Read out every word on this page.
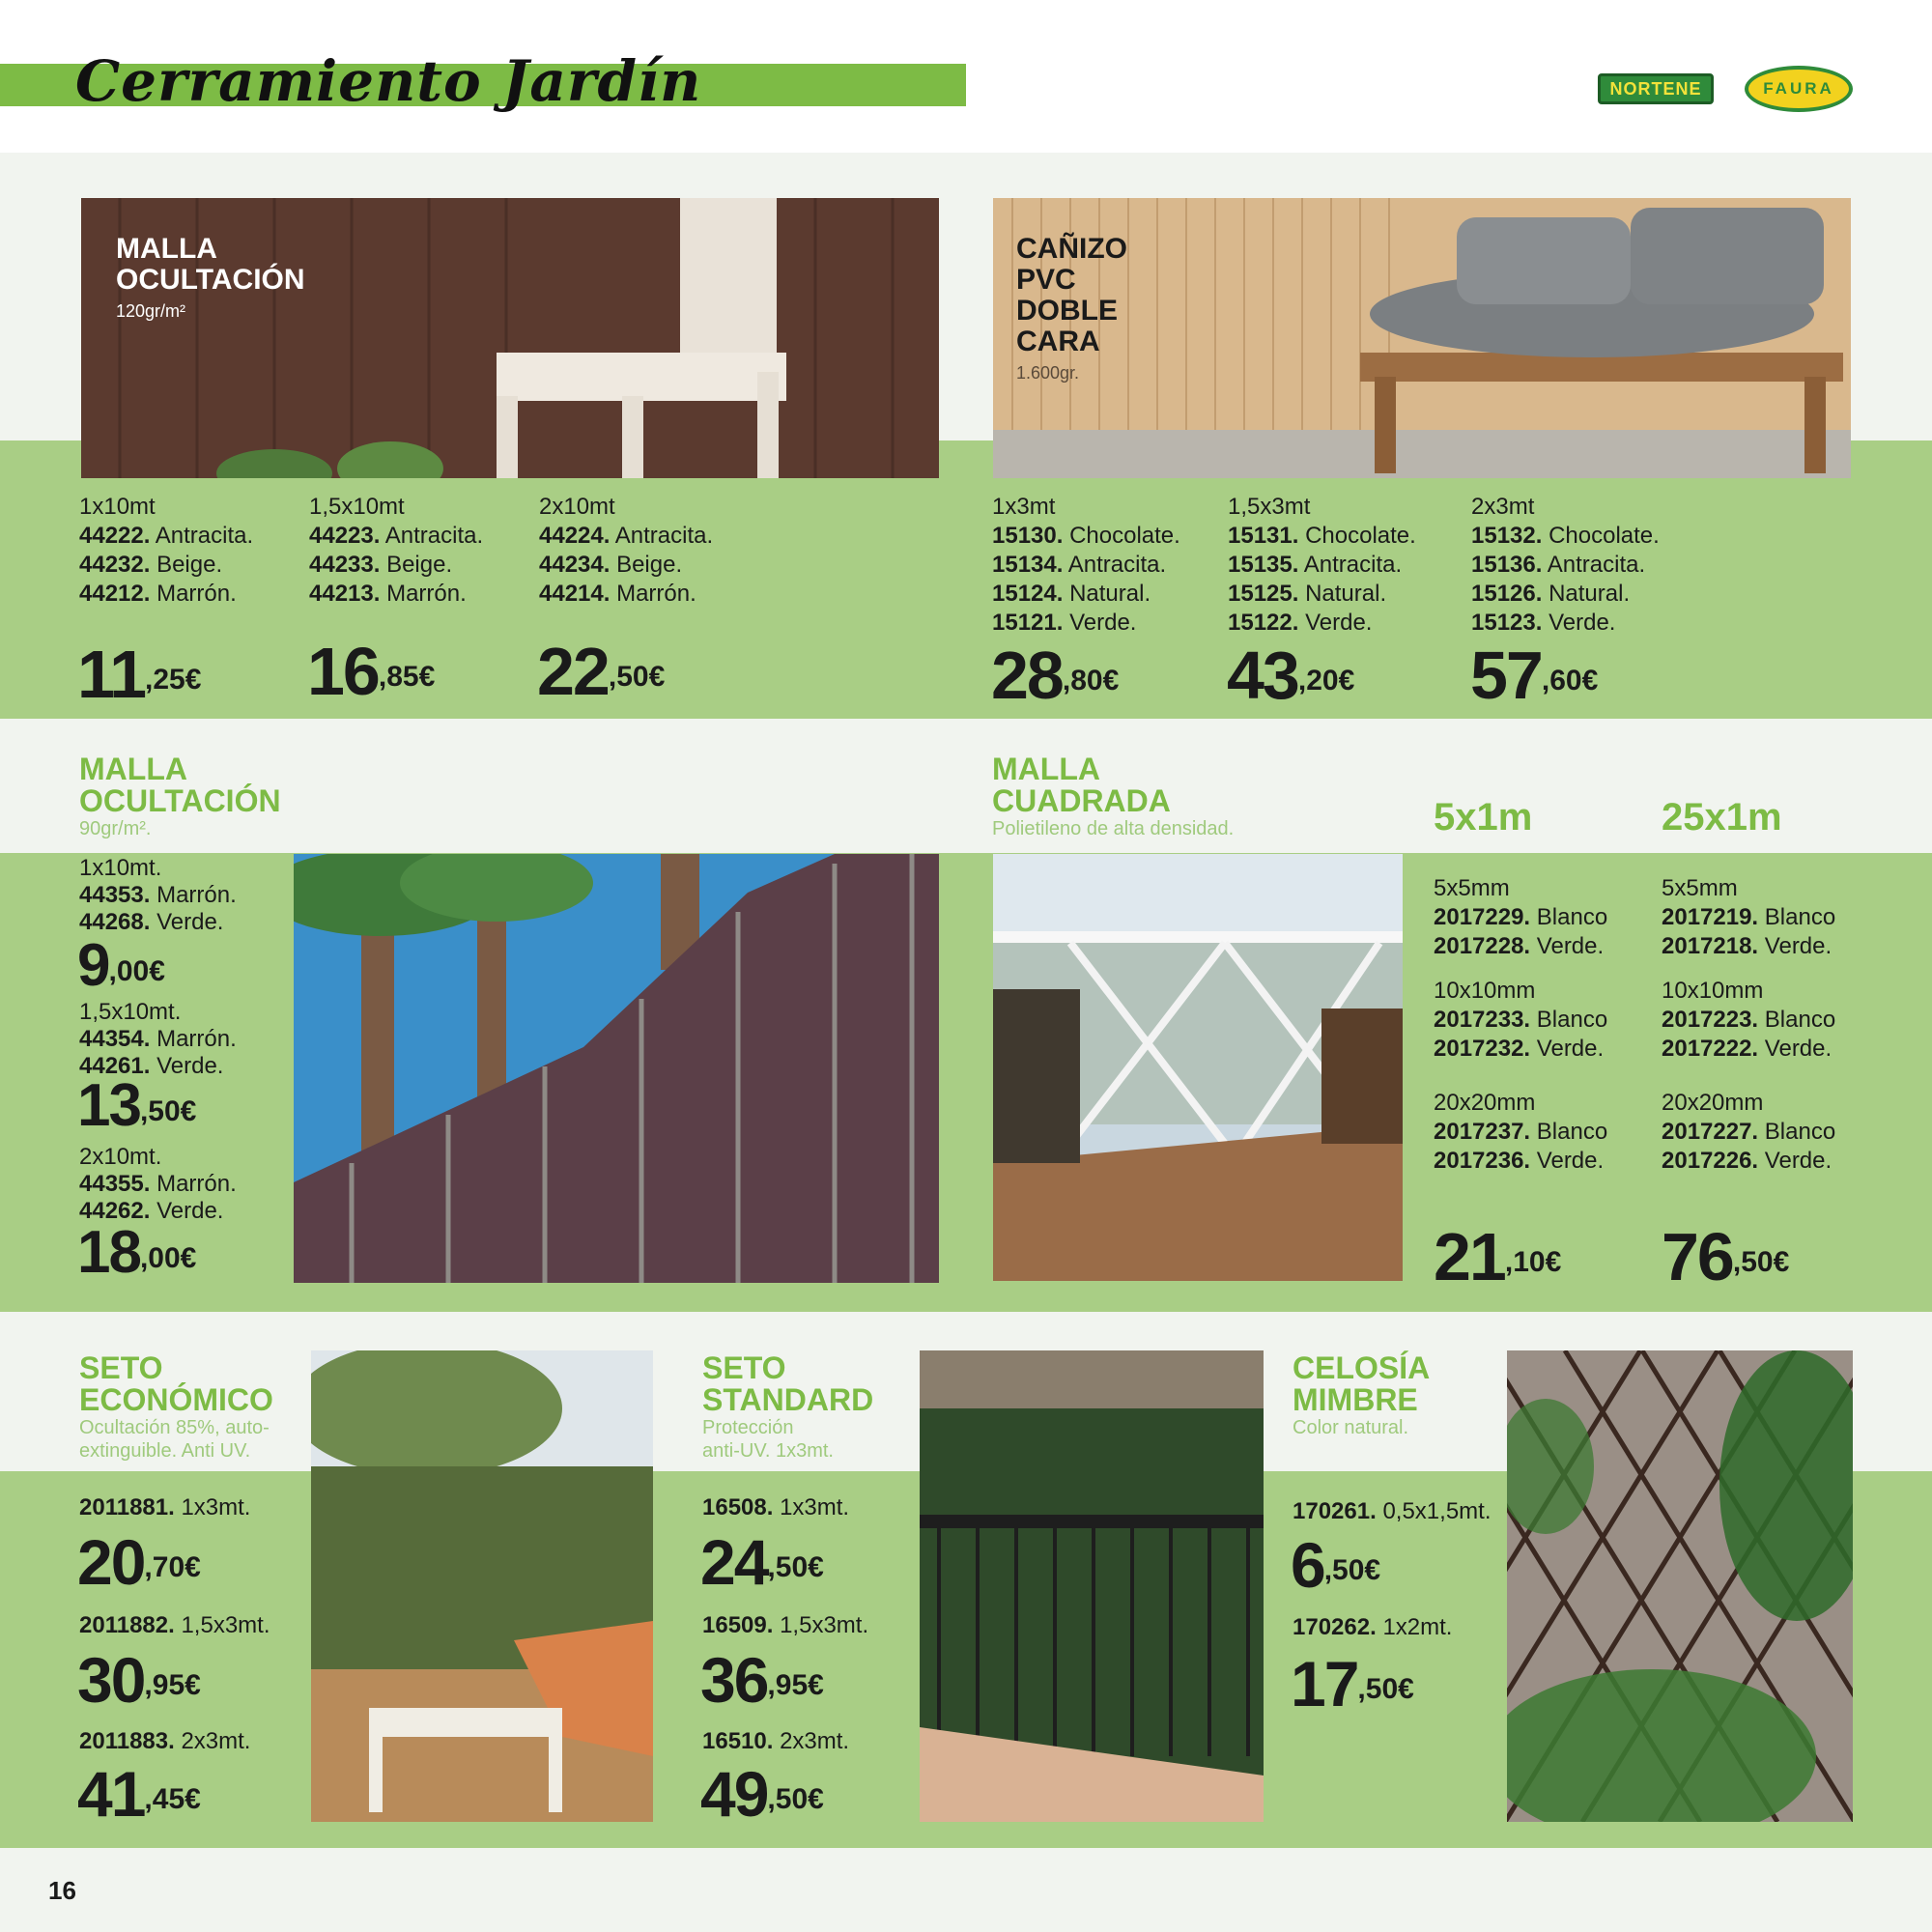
Cerramiento Jardín	NORTENE	FAURA
MALLA
OCULTACIÓN
120gr/m²
1x10mt
44222. Antracita.
44232. Beige.
44212. Marrón.
$11^{,25€}$
1,5x10mt
44223. Antracita.
44233. Beige.
44213. Marrón.
$16^{,85€}$
2x10mt
44224. Antracita.
44234. Beige.
44214. Marrón.
$22^{,50€}$
CAÑIZO
PVC
DOBLE
CARA
1.600gr.
1x3mt
15130. Chocolate.
15134. Antracita.
15124. Natural.
15121. Verde.
$28^{,80€}$
1,5x3mt
15131. Chocolate.
15135. Antracita.
15125. Natural.
15122. Verde.
$43^{,20€}$
2x3mt
15132. Chocolate.
15136. Antracita.
15126. Natural.
15123. Verde.
$57^{,60€}$
MALLA
OCULTACIÓN
90gr/m².
1x10mt.
44353. Marrón.
44268. Verde.
$9^{,00€}$
1,5x10mt.
44354. Marrón.
44261. Verde.
$13^{,50€}$
2x10mt.
44355. Marrón.
44262. Verde.
$18^{,00€}$
MALLA
CUADRADA
Polietileno de alta densidad.	5x1m	25x1m
5x5mm
2017229. Blanco
2017228. Verde.
10x10mm
2017233. Blanco
2017232. Verde.
20x20mm
2017237. Blanco
2017236. Verde.
$21^{,10€}$
5x5mm
2017219. Blanco
2017218. Verde.
10x10mm
2017223. Blanco
2017222. Verde.
20x20mm
2017227. Blanco
2017226. Verde.
$76^{,50€}$
SETO
ECONÓMICO
Ocultación 85%, auto-
extinguible. Anti UV.
2011881. 1x3mt.
$20^{,70€}$
2011882. 1,5x3mt.
$30^{,95€}$
2011883. 2x3mt.
$41^{,45€}$
SETO
STANDARD
Protección
anti-UV. 1x3mt.
16508. 1x3mt.
$24^{,50€}$
16509. 1,5x3mt.
$36^{,95€}$
16510. 2x3mt.
$49^{,50€}$
CELOSÍA
MIMBRE
Color natural.
170261. 0,5x1,5mt.
$6^{,50€}$
170262. 1x2mt.
$17^{,50€}$
16
